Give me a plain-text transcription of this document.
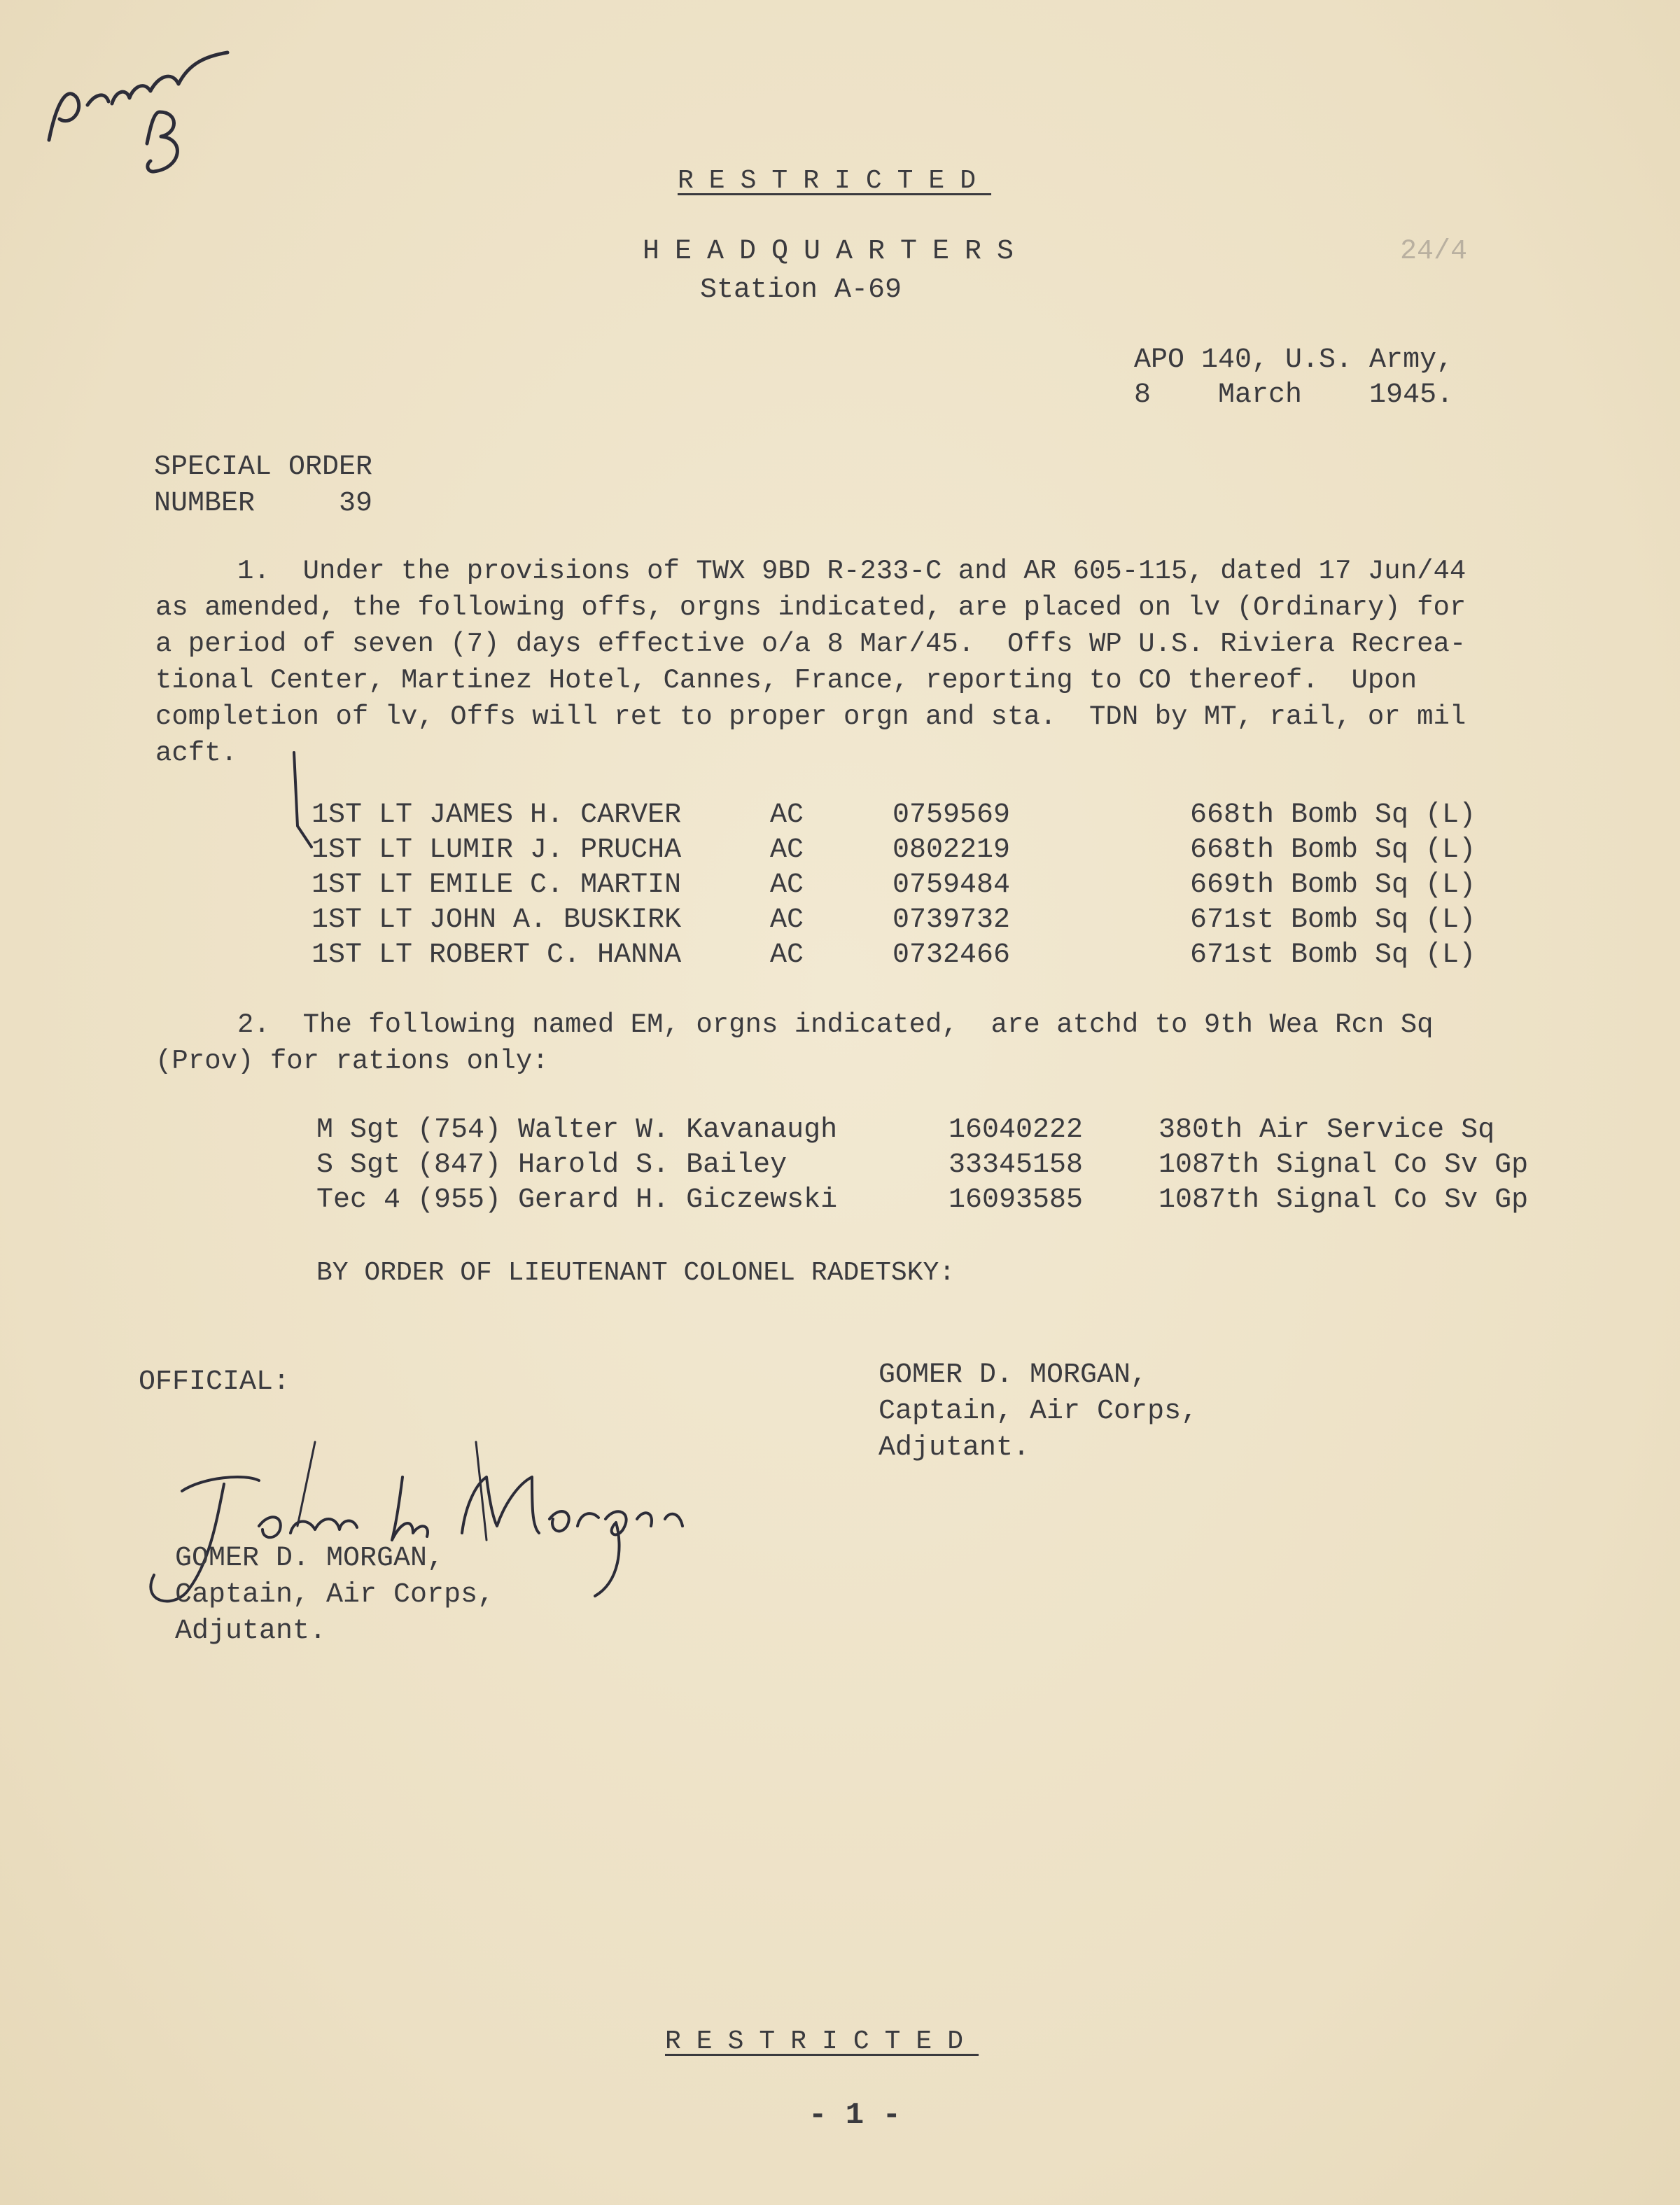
RESTRICTED
HEADQUARTERS	24/4
Station A-69
APO 140, U.S. Army,
8    March    1945.
SPECIAL ORDER
NUMBER     39
1.  Under the provisions of TWX 9BD R-233-C and AR 605-115, dated 17 Jun/44
as amended, the following offs, orgns indicated, are placed on lv (Ordinary) for
a period of seven (7) days effective o/a 8 Mar/45.  Offs WP U.S. Riviera Recrea-
tional Center, Martinez Hotel, Cannes, France, reporting to CO thereof.  Upon
completion of lv, Offs will ret to proper orgn and sta.  TDN by MT, rail, or mil
acft.
1ST LT JAMES H. CARVER	AC	0759569	668th Bomb Sq (L)
1ST LT LUMIR J. PRUCHA	AC	0802219	668th Bomb Sq (L)
1ST LT EMILE C. MARTIN	AC	0759484	669th Bomb Sq (L)
1ST LT JOHN A. BUSKIRK	AC	0739732	671st Bomb Sq (L)
1ST LT ROBERT C. HANNA	AC	0732466	671st Bomb Sq (L)
2.  The following named EM, orgns indicated,  are atchd to 9th Wea Rcn Sq
(Prov) for rations only:
M Sgt (754) Walter W. Kavanaugh	16040222	380th Air Service Sq
S Sgt (847) Harold S. Bailey	33345158	1087th Signal Co Sv Gp
Tec 4 (955) Gerard H. Giczewski	16093585	1087th Signal Co Sv Gp
BY ORDER OF LIEUTENANT COLONEL RADETSKY:
GOMER D. MORGAN,
Captain, Air Corps,
Adjutant.
OFFICIAL:
GOMER D. MORGAN,
Captain, Air Corps,
Adjutant.
RESTRICTED
- 1 -
